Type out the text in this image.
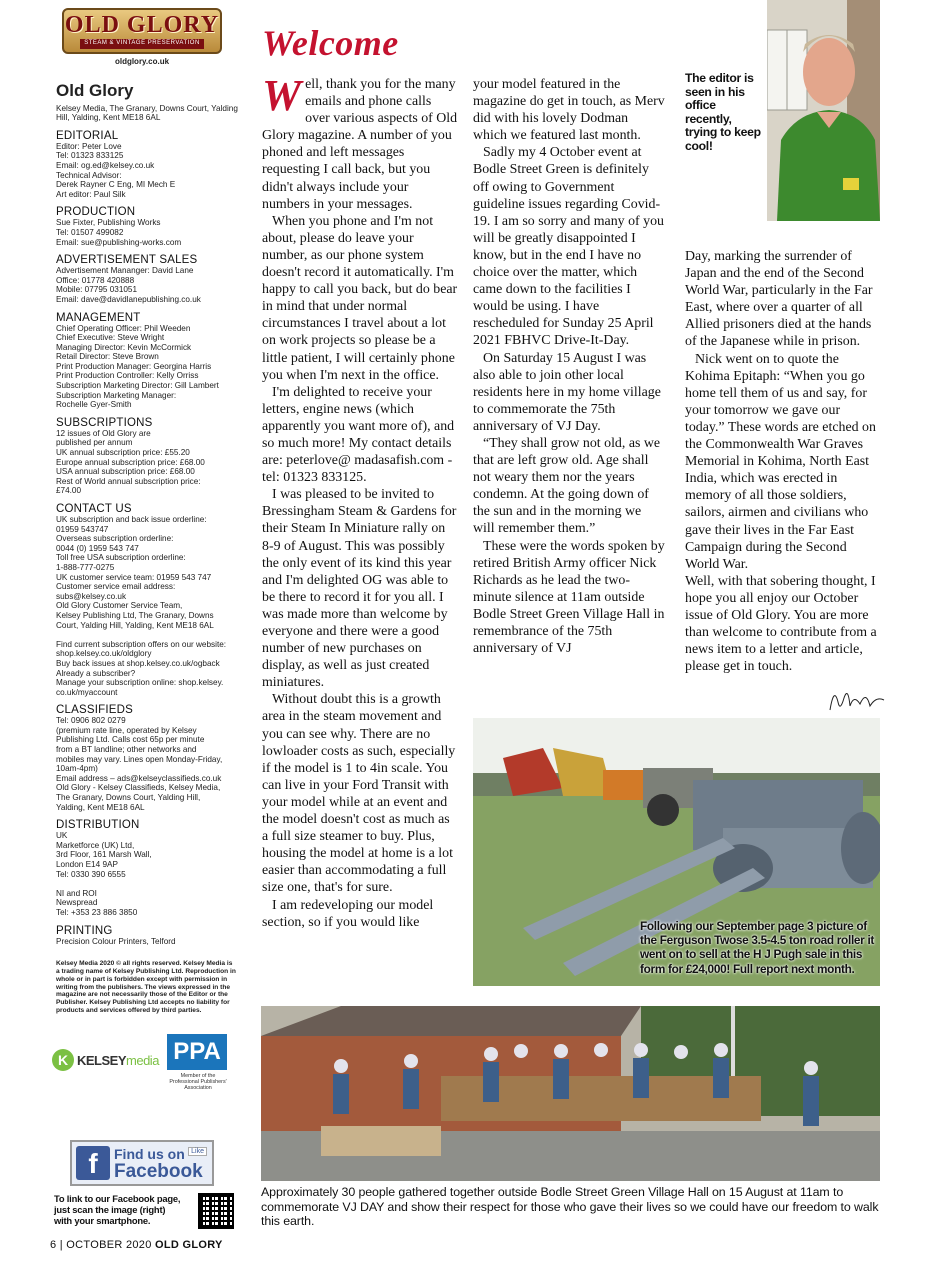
OLD GLORY
STEAM & VINTAGE PRESERVATION
oldglory.co.uk
Old Glory

Kelsey Media, The Granary, Downs Court, Yalding Hill, Yalding, Kent ME18 6AL

EDITORIAL

Editor: Peter Love
Tel: 01323 833125
Email: og.ed@kelsey.co.uk
Technical Advisor:
Derek Rayner C Eng, MI Mech E
Art editor: Paul Silk

PRODUCTION

Sue Fixter, Publishing Works
Tel: 01507 499082
Email: sue@publishing-works.com

ADVERTISEMENT SALES

Advertisement Mananger: David Lane
Office: 01778 420888
Mobile: 07795 031051
Email: dave@davidlanepublishing.co.uk

MANAGEMENT

Chief Operating Officer: Phil Weeden
Chief Executive: Steve Wright
Managing Director: Kevin McCormick
Retail Director: Steve Brown
Print Production Manager: Georgina Harris
Print Production Controller: Kelly Orriss
Subscription Marketing Director: Gill Lambert
Subscription Marketing Manager:
Rochelle Gyer-Smith

SUBSCRIPTIONS

12 issues of Old Glory are
published per annum
UK annual subscription price: £55.20
Europe annual subscription price: £68.00
USA annual subscription price: £68.00
Rest of World annual subscription price:
£74.00

CONTACT US

UK subscription and back issue orderline:
01959 543747
Overseas subscription orderline:
0044 (0) 1959 543 747
Toll free USA subscription orderline:
1-888-777-0275
UK customer service team: 01959 543 747
Customer service email address:
subs@kelsey.co.uk
Old Glory Customer Service Team,
Kelsey Publishing Ltd, The Granary, Downs
Court, Yalding Hill, Yalding, Kent ME18 6AL

Find current subscription offers on our website:
shop.kelsey.co.uk/oldglory
Buy back issues at shop.kelsey.co.uk/ogback
Already a subscriber?
Manage your subscription online: shop.kelsey.
co.uk/myaccount

CLASSIFIEDS

Tel: 0906 802 0279
(premium rate line, operated by Kelsey
Publishing Ltd. Calls cost 65p per minute
from a BT landline; other networks and
mobiles may vary. Lines open Monday-Friday,
10am-4pm)
Email address – ads@kelseyclassifieds.co.uk
Old Glory - Kelsey Classifieds, Kelsey Media,
The Granary, Downs Court, Yalding Hill,
Yalding, Kent ME18 6AL

DISTRIBUTION

UK
Marketforce (UK) Ltd,
3rd Floor, 161 Marsh Wall,
London E14 9AP
Tel: 0330 390 6555

NI and ROI
Newspread
Tel: +353 23 886 3850

PRINTING

Precision Colour Printers, Telford

Kelsey Media 2020 © all rights reserved. Kelsey Media is
a trading name of Kelsey Publishing Ltd. Reproduction in
whole or in part is forbidden except with permission in
writing from the publishers. The views expressed in the
magazine are not necessarily those of the Editor or the
Publisher. Kelsey Publishing Ltd accepts no liability for
products and services offered by third parties.
K KELSEYmedia PPA
Member of the
Professional Publishers'
Association
f	Find us on
Facebook
Like
To link to our Facebook page,
just scan the image (right)
with your smartphone.
6 | OCTOBER 2020 OLD GLORY
Welcome
W ell, thank you for the many emails and phone calls over various aspects of Old Glory magazine. A number of you phoned and left messages requesting I call back, but you didn't always include your numbers in your messages.

When you phone and I'm not about, please do leave your number, as our phone system doesn't record it automatically. I'm happy to call you back, but do bear in mind that under normal circumstances I travel about a lot on work projects so please be a little patient, I will certainly phone you when I'm next in the office.

I'm delighted to receive your letters, engine news (which apparently you want more of), and so much more! My contact details are: peterlove@ madasafish.com - tel: 01323 833125.

I was pleased to be invited to Bressingham Steam & Gardens for their Steam In Miniature rally on 8-9 of August. This was possibly the only event of its kind this year and I'm delighted OG was able to be there to record it for you all. I was made more than welcome by everyone and there were a good number of new purchases on display, as well as just created miniatures.

Without doubt this is a growth area in the steam movement and you can see why. There are no lowloader costs as such, especially if the model is 1 to 4in scale. You can live in your Ford Transit with your model while at an event and the model doesn't cost as much as a full size steamer to buy. Plus, housing the model at home is a lot easier than accommodating a full size one, that's for sure.

I am redeveloping our model section, so if you would like

your model featured in the magazine do get in touch, as Merv did with his lovely Dodman which we featured last month.

Sadly my 4 October event at Bodle Street Green is definitely off owing to Government guideline issues regarding Covid-19. I am so sorry and many of you will be greatly disappointed I know, but in the end I have no choice over the matter, which came down to the facilities I would be using. I have rescheduled for Sunday 25 April 2021 FBHVC Drive-It-Day.

On Saturday 15 August I was also able to join other local residents here in my home village to commemorate the 75th anniversary of VJ Day.

“They shall grow not old, as we that are left grow old. Age shall not weary them nor the years condemn. At the going down of the sun and in the morning we will remember them.”

These were the words spoken by retired British Army officer Nick Richards as he lead the two-minute silence at 11am outside Bodle Street Green Village Hall in remembrance of the 75th anniversary of VJ

Day, marking the surrender of Japan and the end of the Second World War, particularly in the Far East, where over a quarter of all Allied prisoners died at the hands of the Japanese while in prison.

Nick went on to quote the Kohima Epitaph: “When you go home tell them of us and say, for your tomorrow we gave our today.” These words are etched on the Commonwealth War Graves Memorial in Kohima, North East India, which was erected in memory of all those soldiers, sailors, airmen and civilians who gave their lives in the Far East Campaign during the Second World War.

Well, with that sobering thought, I hope you all enjoy our October issue of Old Glory. You are more than welcome to contribute from a news item to a letter and article, please get in touch.

The editor is seen in his office recently, trying to keep cool!
Following our September page 3 picture of the Ferguson Twose 3.5-4.5 ton road roller it went on to sell at the H J Pugh sale in this form for £24,000! Full report next month.
Approximately 30 people gathered together outside Bodle Street Green Village Hall on 15 August at 11am to commemorate VJ DAY and show their respect for those who gave their lives so we could have our freedom to walk this earth.
